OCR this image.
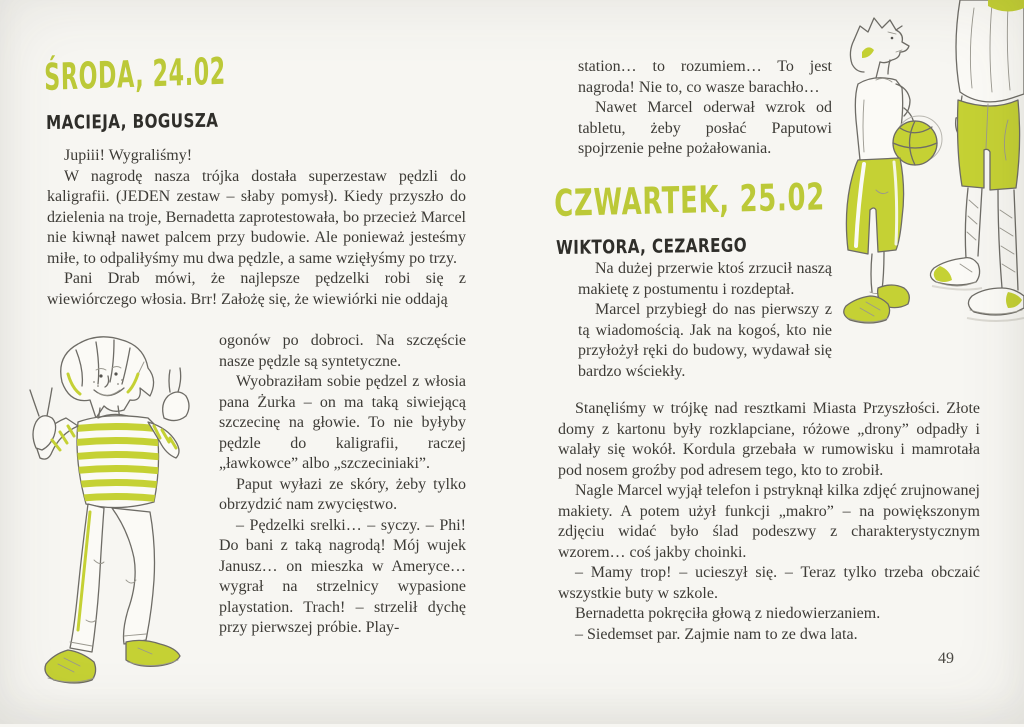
ŚRODA, 24.02
MACIEJA, BOGUSZA

Jupiii! Wygraliśmy!

W nagrodę nasza trójka dostała superzestaw pędzli do kaligrafii. (JEDEN zestaw – słaby pomysł). Kiedy przyszło do dzielenia na troje, Bernadetta zaprotestowała, bo przecież Marcel nie kiwnął nawet palcem przy budowie. Ale ponieważ jesteśmy miłe, to odpaliłyśmy mu dwa pędzle, a same wzięłyśmy po trzy.

Pani Drab mówi, że najlepsze pędzelki robi się z wiewiórczego włosia. Brr! Założę się, że wiewiórki nie oddają

ogonów po dobroci. Na szczęście nasze pędzle są syntetyczne.

Wyobraziłam sobie pędzel z włosia pana Żurka – on ma taką siwiejącą szczecinę na głowie. To nie byłyby pędzle do kaligrafii, raczej „ławkowce” albo „szczeciniaki”.

Paput wyłazi ze skóry, żeby tylko obrzydzić nam zwycięstwo.

– Pędzelki srelki… – syczy. – Phi! Do bani z taką nagrodą! Mój wujek Janusz… on mieszka w Ameryce… wygrał na strzelnicy wypasione playstation. Trach! – strzelił dychę przy pierwszej próbie. Play-

station… to rozumiem… To jest nagroda! Nie to, co wasze barachło…

Nawet Marcel oderwał wzrok od tabletu, żeby posłać Paputowi spojrzenie pełne pożałowania.

CZWARTEK, 25.02
WIKTORA, CEZAREGO

Na dużej przerwie ktoś zrzucił naszą makietę z postumentu i rozdeptał.

Marcel przybiegł do nas pierwszy z tą wiadomością. Jak na kogoś, kto nie przyłożył ręki do budowy, wydawał się bardzo wściekły.

Stanęliśmy w trójkę nad resztkami Miasta Przyszłości. Złote domy z kartonu były rozklapciane, różowe „drony” odpadły i walały się wokół. Kordula grzebała w rumowisku i mamrotała pod nosem groźby pod adresem tego, kto to zrobił.

Nagle Marcel wyjął telefon i pstryknął kilka zdjęć zrujnowanej makiety. A potem użył funkcji „makro” – na powiększonym zdjęciu widać było ślad podeszwy z charakterystycznym wzorem… coś jakby choinki.

– Mamy trop! – ucieszył się. – Teraz tylko trzeba obczaić wszystkie buty w szkole.

Bernadetta pokręciła głową z niedowierzaniem.

– Siedemset par. Zajmie nam to ze dwa lata.

49
